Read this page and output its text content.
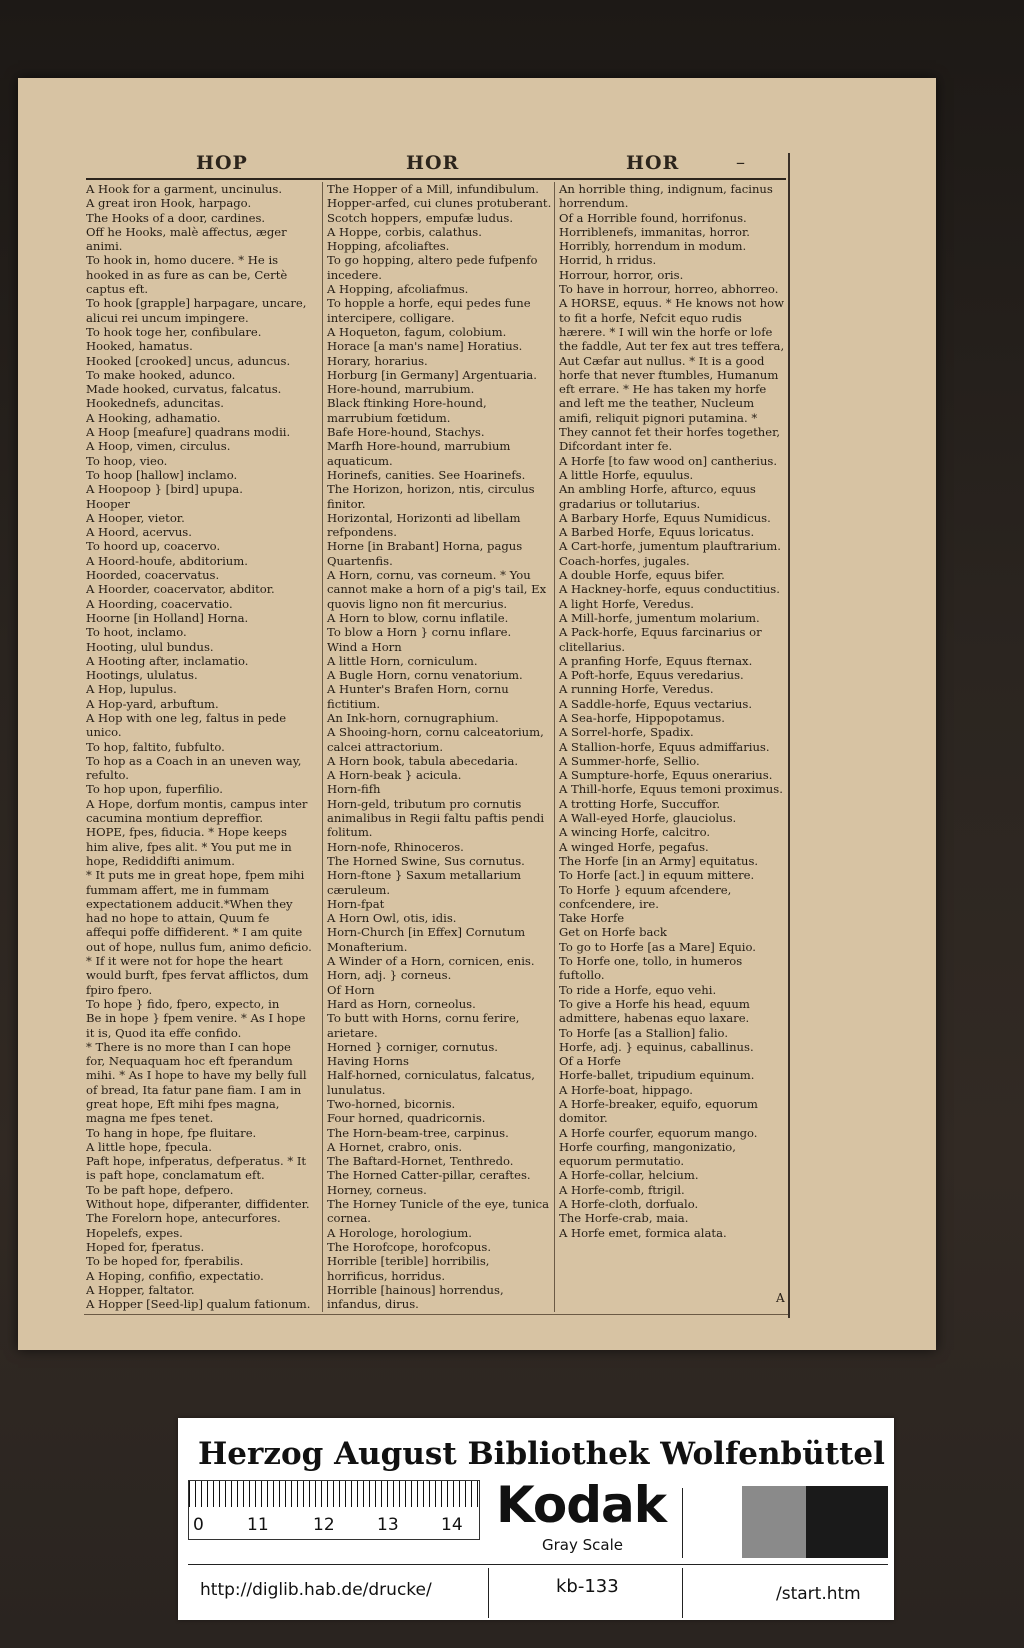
HOP	HOR	HOR	–

A Hook for a garment, uncinulus.

A great iron Hook, harpago.

The Hooks of a door, cardines.

Off he Hooks, malè affectus, æger animi.

To hook in, homo ducere. * He is hooked in as fure as can be, Certè captus eft.

To hook [grapple] harpagare, uncare, alicui rei uncum impingere.

To hook toge her, confibulare.

Hooked, hamatus.

Hooked [crooked] uncus, aduncus.

To make hooked, adunco.

Made hooked, curvatus, falcatus.

Hookednefs, aduncitas.

A Hooking, adhamatio.

A Hoop [meafure] quadrans modii.

A Hoop, vimen, circulus.

To hoop, vieo.

To hoop [hallow] inclamo.

A Hoopoop } [bird] upupa.

Hooper

A Hooper, vietor.

A Hoord, acervus.

To hoord up, coacervo.

A Hoord-houfe, abditorium.

Hoorded, coacervatus.

A Hoorder, coacervator, abditor.

A Hoording, coacervatio.

Hoorne [in Holland] Horna.

To hoot, inclamo.

Hooting, ulul bundus.

A Hooting after, inclamatio.

Hootings, ululatus.

A Hop, lupulus.

A Hop-yard, arbuftum.

A Hop with one leg, faltus in pede unico.

To hop, faltito, fubfulto.

To hop as a Coach in an uneven way, refulto.

To hop upon, fuperfilio.

A Hope, dorfum montis, campus inter cacumina montium depreffior.

HOPE, fpes, fiducia. * Hope keeps him alive, fpes alit. * You put me in hope, Rediddifti animum.

* It puts me in great hope, fpem mihi fummam affert, me in fummam expectationem adducit.*When they had no hope to attain, Quum fe affequi poffe diffiderent. * I am quite out of hope, nullus fum, animo deficio. * If it were not for hope the heart would burft, fpes fervat afflictos, dum fpiro fpero.

To hope } fido, fpero, expecto, in

Be in hope } fpem venire. * As I hope it is, Quod ita effe confido.

* There is no more than I can hope for, Nequaquam hoc eft fperandum mihi. * As I hope to have my belly full of bread, Ita fatur pane fiam. I am in great hope, Eft mihi fpes magna, magna me fpes tenet.

To hang in hope, fpe fluitare.

A little hope, fpecula.

Paft hope, infperatus, defperatus. * It is paft hope, conclamatum eft.

To be paft hope, defpero.

Without hope, difperanter, diffidenter.

The Forelorn hope, antecurfores.

Hopelefs, expes.

Hoped for, fperatus.

To be hoped for, fperabilis.

A Hoping, confifio, expectatio.

A Hopper, faltator.

A Hopper [Seed-lip] qualum fationum.

The Hopper of a Mill, infundibulum.

Hopper-arfed, cui clunes protuberant.

Scotch hoppers, empufæ ludus.

A Hoppe, corbis, calathus.

Hopping, afcoliaftes.

To go hopping, altero pede fufpenfo incedere.

A Hopping, afcoliafmus.

To hopple a horfe, equi pedes fune intercipere, colligare.

A Hoqueton, fagum, colobium.

Horace [a man's name] Horatius.

Horary, horarius.

Horburg [in Germany] Argentuaria.

Hore-hound, marrubium.

Black ftinking Hore-hound, marrubium fœtidum.

Bafe Hore-hound, Stachys.

Marfh Hore-hound, marrubium aquaticum.

Horinefs, canities. See Hoarinefs.

The Horizon, horizon, ntis, circulus finitor.

Horizontal, Horizonti ad libellam refpondens.

Horne [in Brabant] Horna, pagus Quartenfis.

A Horn, cornu, vas corneum. * You cannot make a horn of a pig's tail, Ex quovis ligno non fit mercurius.

A Horn to blow, cornu inflatile.

To blow a Horn } cornu inflare.

Wind a Horn

A little Horn, corniculum.

A Bugle Horn, cornu venatorium.

A Hunter's Brafen Horn, cornu fictitium.

An Ink-horn, cornugraphium.

A Shooing-horn, cornu calceatorium, calcei attractorium.

A Horn book, tabula abecedaria.

A Horn-beak } acicula.

Horn-fifh

Horn-geld, tributum pro cornutis animalibus in Regii faltu paftis pendi folitum.

Horn-nofe, Rhinoceros.

The Horned Swine, Sus cornutus.

Horn-ftone } Saxum metallarium cæruleum.

Horn-fpat

A Horn Owl, otis, idis.

Horn-Church [in Effex] Cornutum Monafterium.

A Winder of a Horn, cornicen, enis.

Horn, adj. } corneus.

Of Horn

Hard as Horn, corneolus.

To butt with Horns, cornu ferire, arietare.

Horned } corniger, cornutus.

Having Horns

Half-horned, corniculatus, falcatus, lunulatus.

Two-horned, bicornis.

Four horned, quadricornis.

The Horn-beam-tree, carpinus.

A Hornet, crabro, onis.

The Baftard-Hornet, Tenthredo.

The Horned Catter-pillar, ceraftes.

Horney, corneus.

The Horney Tunicle of the eye, tunica cornea.

A Horologe, horologium.

The Horofcope, horofcopus.

Horrible [terible] horribilis, horrificus, horridus.

Horrible [hainous] horrendus, infandus, dirus.

An horrible thing, indignum, facinus horrendum.

Of a Horrible found, horrifonus.

Horriblenefs, immanitas, horror.

Horribly, horrendum in modum.

Horrid, h rridus.

Horrour, horror, oris.

To have in horrour, horreo, abhorreo.

A HORSE, equus. * He knows not how to fit a horfe, Nefcit equo rudis hærere. * I will win the horfe or lofe the faddle, Aut ter fex aut tres teffera, Aut Cæfar aut nullus. * It is a good horfe that never ftumbles, Humanum eft errare. * He has taken my horfe and left me the teather, Nucleum amifi, reliquit pignori putamina. * They cannot fet their horfes together, Difcordant inter fe.

A Horfe [to faw wood on] cantherius.

A little Horfe, equulus.

An ambling Horfe, afturco, equus gradarius or tollutarius.

A Barbary Horfe, Equus Numidicus.

A Barbed Horfe, Equus loricatus.

A Cart-horfe, jumentum plauftrarium.

Coach-horfes, jugales.

A double Horfe, equus bifer.

A Hackney-horfe, equus conductitius.

A light Horfe, Veredus.

A Mill-horfe, jumentum molarium.

A Pack-horfe, Equus farcinarius or clitellarius.

A pranfing Horfe, Equus fternax.

A Poft-horfe, Equus veredarius.

A running Horfe, Veredus.

A Saddle-horfe, Equus vectarius.

A Sea-horfe, Hippopotamus.

A Sorrel-horfe, Spadix.

A Stallion-horfe, Equus admiffarius.

A Summer-horfe, Sellio.

A Sumpture-horfe, Equus onerarius.

A Thill-horfe, Equus temoni proximus.

A trotting Horfe, Succuffor.

A Wall-eyed Horfe, glauciolus.

A wincing Horfe, calcitro.

A winged Horfe, pegafus.

The Horfe [in an Army] equitatus.

To Horfe [act.] in equum mittere.

To Horfe } equum afcendere, confcendere, ire.

Take Horfe

Get on Horfe back

To go to Horfe [as a Mare] Equio.

To Horfe one, tollo, in humeros fuftollo.

To ride a Horfe, equo vehi.

To give a Horfe his head, equum admittere, habenas equo laxare.

To Horfe [as a Stallion] falio.

Horfe, adj. } equinus, caballinus.

Of a Horfe

Horfe-ballet, tripudium equinum.

A Horfe-boat, hippago.

A Horfe-breaker, equifo, equorum domitor.

A Horfe courfer, equorum mango.

Horfe courfing, mangonizatio, equorum permutatio.

A Horfe-collar, helcium.

A Horfe-comb, ftrigil.

A Horfe-cloth, dorfualo.

The Horfe-crab, maia.

A Horfe emet, formica alata.

A
Herzog August Bibliothek Wolfenbüttel
0	11	12 13 14 Kodak
Gray Scale
http://diglib.hab.de/drucke/	kb-133	/start.htm
